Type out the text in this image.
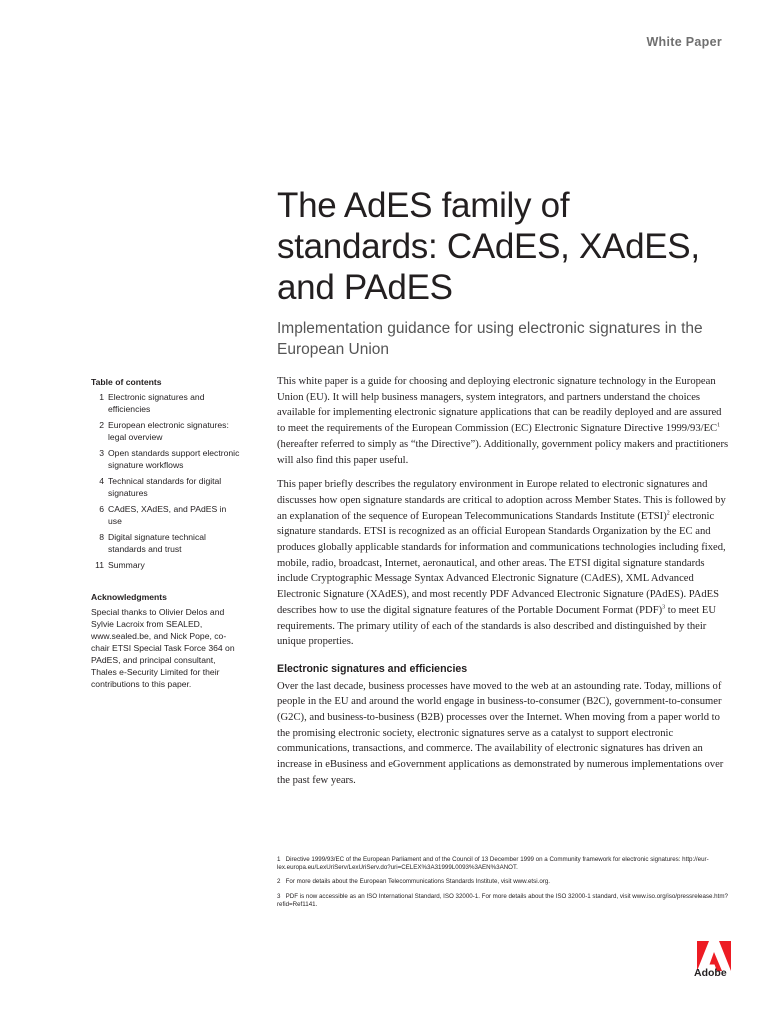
White Paper
The AdES family of standards: CAdES, XAdES, and PAdES

Implementation guidance for using electronic signatures in the European Union

Table of contents
1 Electronic signatures and efficiencies
2 European electronic signatures: legal overview
3 Open standards support electronic signature workflows
4 Technical standards for digital signatures
6 CAdES, XAdES, and PAdES in use
8 Digital signature technical standards and trust
11 Summary
Acknowledgments
Special thanks to Olivier Delos and Sylvie Lacroix from SEALED, www.sealed.be, and Nick Pope, co-chair ETSI Special Task Force 364 on PAdES, and principal consultant, Thales e-Security Limited for their contributions to this paper.

This white paper is a guide for choosing and deploying electronic signature technology in the European Union (EU). It will help business managers, system integrators, and partners understand the choices available for implementing electronic signature applications that can be readily deployed and are assured to meet the requirements of the European Commission (EC) Electronic Signature Directive $1999/93/EC^1$ (hereafter referred to simply as “the Directive”). Additionally, government policy makers and practitioners will also find this paper useful.

This paper briefly describes the regulatory environment in Europe related to electronic signatures and discusses how open signature standards are critical to adoption across Member States. This is followed by an explanation of the sequence of European Telecommunications Standards Institute (ETSI)$^2$ electronic signature standards. ETSI is recognized as an official European Standards Organization by the EC and produces globally applicable standards for information and communications technologies including fixed, mobile, radio, broadcast, Internet, aeronautical, and other areas. The ETSI digital signature standards include Cryptographic Message Syntax Advanced Electronic Signature (CAdES), XML Advanced Electronic Signature (XAdES), and most recently PDF Advanced Electronic Signature (PAdES). PAdES describes how to use the digital signature features of the Portable Document Format (PDF)$^3$ to meet EU requirements. The primary utility of each of the standards is also described and distinguished by their unique properties.

Electronic signatures and efficiencies

Over the last decade, business processes have moved to the web at an astounding rate. Today, millions of people in the EU and around the world engage in business-to-consumer (B2C), government-to-consumer (G2C), and business-to-business (B2B) processes over the Internet. When moving from a paper world to the promising electronic society, electronic signatures serve as a catalyst to support electronic communications, transactions, and commerce. The availability of electronic signatures has driven an increase in eBusiness and eGovernment applications as demonstrated by numerous implementations over the past few years.

1 Directive 1999/93/EC of the European Parliament and of the Council of 13 December 1999 on a Community framework for electronic signatures: http://eur-lex.europa.eu/LexUriServ/LexUriServ.do?uri=CELEX%3A31999L0093%3AEN%3ANOT.
2 For more details about the European Telecommunications Standards Institute, visit www.etsi.org.
3 PDF is now accessible as an ISO International Standard, ISO 32000-1. For more details about the ISO 32000-1 standard, visit www.iso.org/iso/pressrelease.htm?refid=Ref1141.
Adobe
